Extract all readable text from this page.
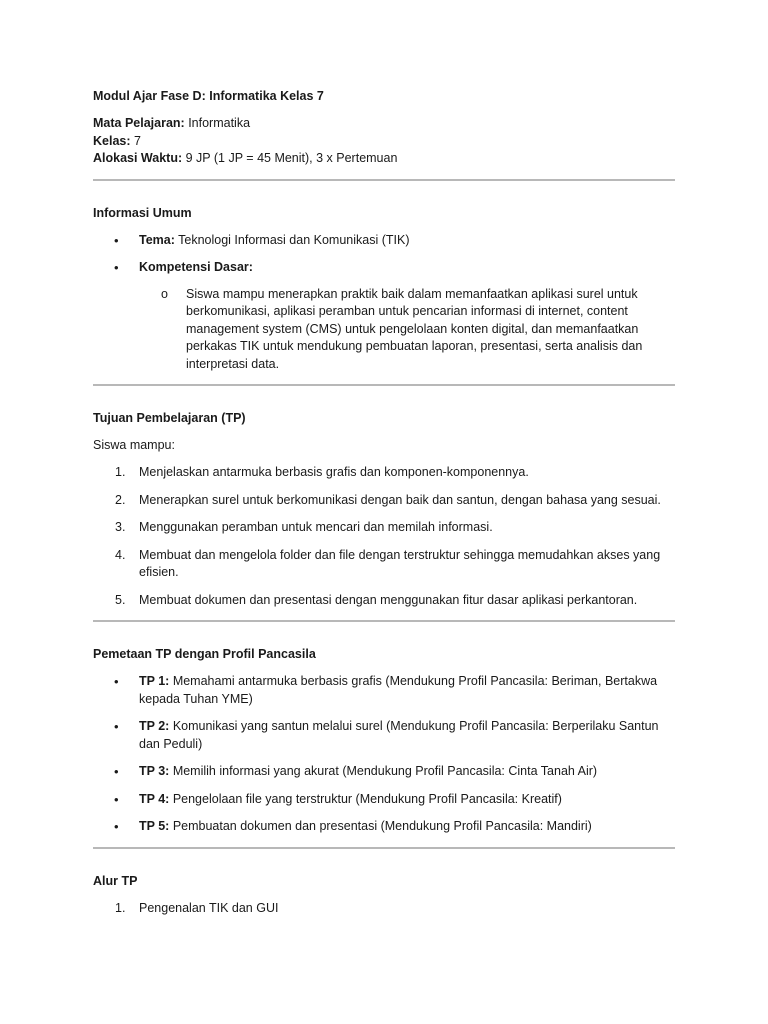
Modul Ajar Fase D: Informatika Kelas 7
Mata Pelajaran: Informatika
Kelas: 7
Alokasi Waktu: 9 JP (1 JP = 45 Menit), 3 x Pertemuan
Informasi Umum
• Tema: Teknologi Informasi dan Komunikasi (TIK)
• Kompetensi Dasar:
o Siswa mampu menerapkan praktik baik dalam memanfaatkan aplikasi surel untuk berkomunikasi, aplikasi peramban untuk pencarian informasi di internet, content management system (CMS) untuk pengelolaan konten digital, dan memanfaatkan perkakas TIK untuk mendukung pembuatan laporan, presentasi, serta analisis dan interpretasi data.
Tujuan Pembelajaran (TP)
Siswa mampu:
1. Menjelaskan antarmuka berbasis grafis dan komponen-komponennya.
2. Menerapkan surel untuk berkomunikasi dengan baik dan santun, dengan bahasa yang sesuai.
3. Menggunakan peramban untuk mencari dan memilah informasi.
4. Membuat dan mengelola folder dan file dengan terstruktur sehingga memudahkan akses yang efisien.
5. Membuat dokumen dan presentasi dengan menggunakan fitur dasar aplikasi perkantoran.
Pemetaan TP dengan Profil Pancasila
• TP 1: Memahami antarmuka berbasis grafis (Mendukung Profil Pancasila: Beriman, Bertakwa kepada Tuhan YME)
• TP 2: Komunikasi yang santun melalui surel (Mendukung Profil Pancasila: Berperilaku Santun dan Peduli)
• TP 3: Memilih informasi yang akurat (Mendukung Profil Pancasila: Cinta Tanah Air)
• TP 4: Pengelolaan file yang terstruktur (Mendukung Profil Pancasila: Kreatif)
• TP 5: Pembuatan dokumen dan presentasi (Mendukung Profil Pancasila: Mandiri)
Alur TP
1. Pengenalan TIK dan GUI
